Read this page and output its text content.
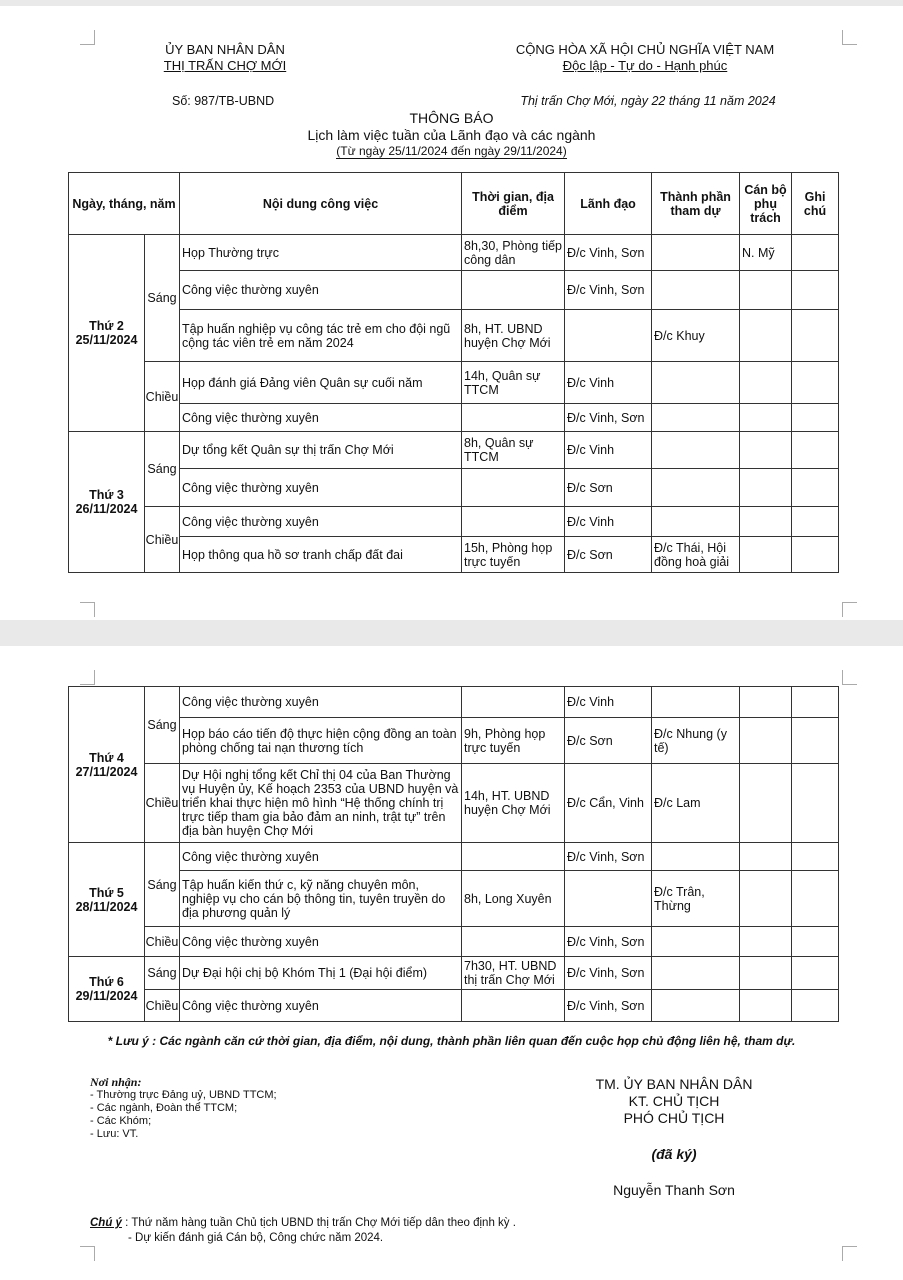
ỦY BAN NHÂN DÂN
THỊ TRẤN CHỢ MỚI
CỘNG HÒA XÃ HỘI CHỦ NGHĨA VIỆT NAM
Độc lập - Tự do - Hạnh phúc
Số: 987/TB-UBND	Thị trấn Chợ Mới, ngày 22 tháng 11 năm 2024
THÔNG BÁO
Lịch làm việc tuần của Lãnh đạo và các ngành
(Từ ngày 25/11/2024 đến ngày 29/11/2024)
Ngày, tháng, năm		Nội dung công việc	Thời gian, địa điểm	Lãnh đạo	Thành phần tham dự	Cán bộ phụ trách	Ghi chú

Thứ 2
25/11/2024	Sáng	Họp Thường trực	8h,30, Phòng tiếp công dân	Đ/c Vinh, Sơn		N. Mỹ	
		Công việc thường xuyên		Đ/c Vinh, Sơn			
		Tập huấn nghiệp vụ công tác trẻ em cho đội ngũ cộng tác viên trẻ em năm 2024	8h, HT. UBND huyện Chợ Mới		Đ/c Khuy		
	Chiều	Họp đánh giá Đảng viên Quân sự cuối năm	14h, Quân sự TTCM	Đ/c Vinh			
		Công việc thường xuyên		Đ/c Vinh, Sơn			

Thứ 3
26/11/2024	Sáng	Dự tổng kết Quân sự thị trấn Chợ Mới	8h, Quân sự TTCM	Đ/c Vinh			
		Công việc thường xuyên		Đ/c Sơn			
	Chiều	Công việc thường xuyên		Đ/c Vinh			
		Họp thông qua hồ sơ tranh chấp đất đai	15h, Phòng họp trực tuyến	Đ/c Sơn	Đ/c Thái, Hội đồng hoà giải		
Thứ 4
27/11/2024	Sáng	Công việc thường xuyên		Đ/c Vinh			
		Họp báo cáo tiến độ thực hiện cộng đồng an toàn phòng chống tai nạn thương tích	9h, Phòng họp trực tuyến	Đ/c Sơn	Đ/c Nhung (y tế)		
	Chiều	Dự Hội nghị tổng kết Chỉ thị 04 của Ban Thường vụ Huyện ủy, Kế hoạch 2353 của UBND huyện và triển khai thực hiện mô hình “Hệ thống chính trị trực tiếp tham gia bảo đảm an ninh, trật tự” trên địa bàn huyện Chợ Mới	14h, HT. UBND huyện Chợ Mới	Đ/c Cẩn, Vinh	Đ/c Lam		

Thứ 5
28/11/2024	Sáng	Công việc thường xuyên		Đ/c Vinh, Sơn			
		Tập huấn kiến thứ c, kỹ năng chuyên môn, nghiệp vụ cho cán bộ thông tin, tuyên truyền do địa phương quản lý	8h, Long Xuyên		Đ/c Trân, Thừng		
	Chiều	Công việc thường xuyên		Đ/c Vinh, Sơn			

Thứ 6
29/11/2024	Sáng	Dự Đại hội chị bộ Khóm Thị 1 (Đại hội điểm)	7h30, HT. UBND thị trấn Chợ Mới	Đ/c Vinh, Sơn			
	Chiều	Công việc thường xuyên		Đ/c Vinh, Sơn			
* Lưu ý : Các ngành căn cứ thời gian, địa điểm, nội dung, thành phần liên quan đến cuộc họp chủ động liên hệ, tham dự.
Nơi nhận:
- Thường trực Đảng uỷ, UBND TTCM;
- Các ngành, Đoàn thể TTCM;
- Các Khóm;
- Lưu: VT.
TM. ỦY BAN NHÂN DÂN
KT. CHỦ TỊCH
PHÓ CHỦ TỊCH
(đã ký)
Nguyễn Thanh Sơn
Chú ý : Thứ năm hàng tuần Chủ tịch UBND thị trấn Chợ Mới tiếp dân theo định kỳ .
- Dự kiến đánh giá Cán bộ, Công chức năm 2024.
